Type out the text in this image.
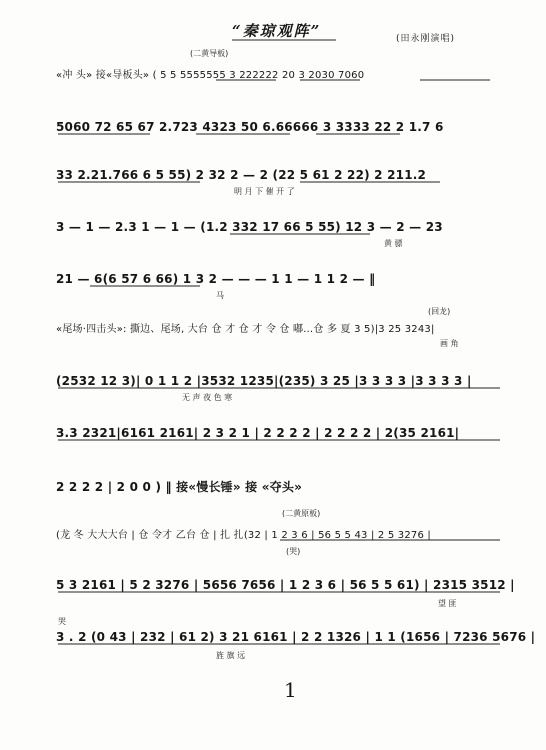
“秦琼观阵”	(田永刚演唱)
(二黄导板)
«冲 头» 接«导板头» ( 5 5 5555555 3 222222 20 3 2030 7060
5060 72 65 67 2.723 4323 50 6.66666 3 3333 22 2 1.7 6
33 2.21.766 6 5 55) 2 32 2 — 2 (22 5 61 2 22) 2 211.2
明 月 下 催 开 了
3 — 1 — 2.3 1 — 1 — (1.2 332 17 66 5 55) 12 3 — 2 — 23
黄 骠
21 — 6(6 57 6 66) 1 3 2 — — — 1 1 — 1 1 2 — ‖
马
(回龙)
«尾场·四击头»: 撕边、尾场, 大台 仓 才 仓 才 令 仓 嘟…仓 多 夏 3 5)|3 25 3243|
画 角
(2532 12 3)| 0 1 1 2 |3532 1235|(235) 3 25 |3 3 3 3 |3 3 3 3 |
无 声 夜 色 寒
3.3 2321|6161 2161| 2 3 2 1 | 2 2 2 2 | 2 2 2 2 | 2(35 2161|
2 2 2 2 | 2 0 0 ) ‖ 接«慢长锤» 接 «夺头»
(二黄原板)
(龙 冬 大大大台 | 仓 令才 乙台 仓 | 扎 扎(32 | 1 2 3 6 | 56 5 5 43 | 2 5 3276 |
(哭)
5 3 2161 | 5 2 3276 | 5656 7656 | 1 2 3 6 | 56 5 5 61) | 2315 3512 |
望 匪
哭
3 . 2 (0 43 | 232 | 61 2) 3 21 6161 | 2 2 1326 | 1 1 (1656 | 7236 5676 |
旌 旗 远
1
